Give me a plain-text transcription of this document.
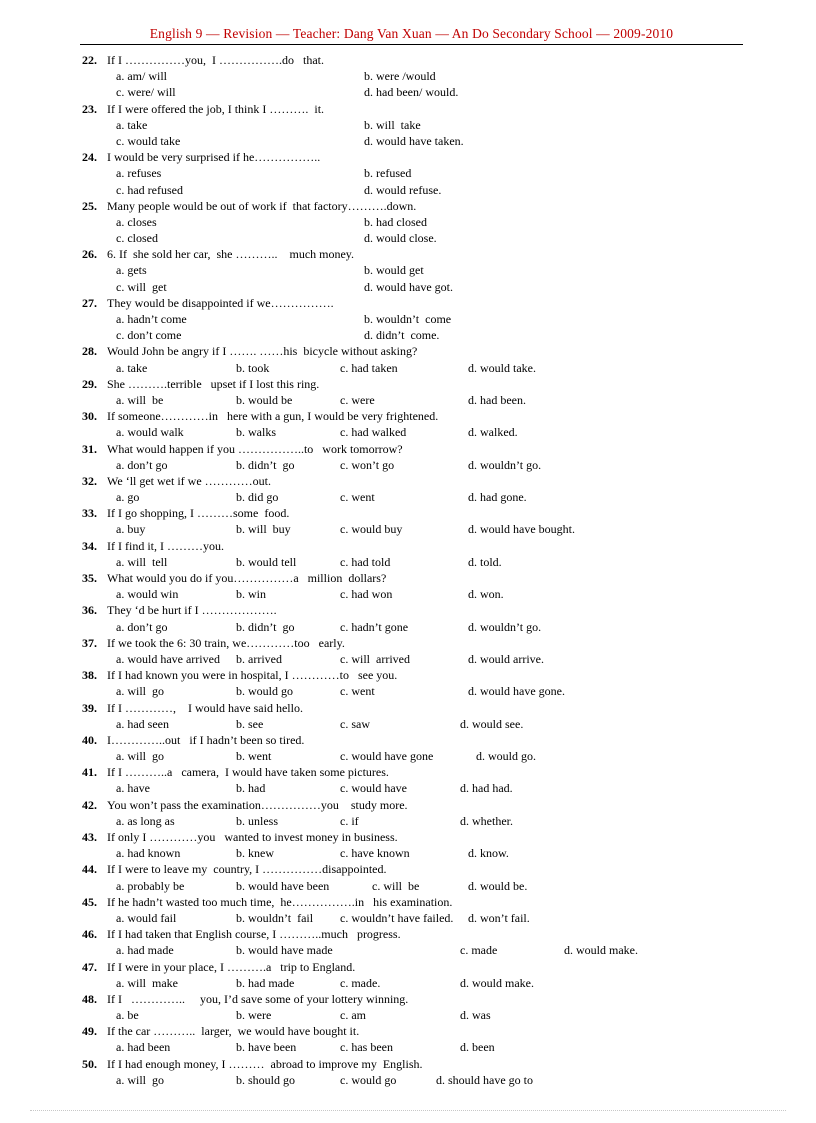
English 9 — Revision — Teacher: Dang Van Xuan — An Do Secondary School — 2009-2010
22. If I ……………you,  I …………….do   that.
a. am/ will	b. were /would
c. were/ will	d. had been/ would.
23. If I were offered the job, I think I ……….  it.
a. take	b. will  take
c. would take	d. would have taken.
24. I would be very surprised if he……………..
a. refuses	b. refused
c. had refused	d. would refuse.
25. Many people would be out of work if  that factory……….down.
a. closes	b. had closed
c. closed	d. would close.
26. 6. If  she sold her car,  she ………..    much money.
a. gets	b. would get
c. will  get	d. would have got.
27. They would be disappointed if we…………….
a. hadn’t come	b. wouldn’t  come
c. don’t come	d. didn’t  come.
28. Would John be angry if I ……. ……his  bicycle without asking?
a. take	b. took	c. had taken	d. would take.
29. She ……….terrible   upset if I lost this ring.
a. will  be	b. would be	c. were	d. had been.
30. If someone…………in   here with a gun, I would be very frightened.
a. would walk	b. walks	c. had walked	d. walked.
31. What would happen if you ……………..to   work tomorrow?
a. don’t go	b. didn’t  go	c. won’t go	d. wouldn’t go.
32. We ‘ll get wet if we …………out.
a. go	b. did go	c. went	d. had gone.
33. If I go shopping, I ………some  food.
a. buy	b. will  buy	c. would buy	d. would have bought.
34. If I find it, I ………you.
a. will  tell	b. would tell	c. had told	d. told.
35. What would you do if you……………a   million  dollars?
a. would win	b. win	c. had won	d. won.
36. They ‘d be hurt if I ……………….
a. don’t go	b. didn’t  go	c. hadn’t gone	d. wouldn’t go.
37. If we took the 6: 30 train, we…………too   early.
a. would have arrived b. arrived	c. will  arrived	d. would arrive.
38. If I had known you were in hospital, I …………to   see you.
a. will  go	b. would go	c. went	d. would have gone.
39. If I …………,    I would have said hello.
a. had seen	b. see	c. saw	d. would see.
40. I…………..out   if I hadn’t been so tired.
a. will  go	b. went	c. would have gone	d. would go.
41. If I ………..a   camera,  I would have taken some pictures.
a. have	b. had	c. would have	d. had had.
42. You won’t pass the examination……………you    study more.
a. as long as	b. unless	c. if	d. whether.
43. If only I …………you   wanted to invest money in business.
a. had known	b. knew	c. have known	d. know.
44. If I were to leave my  country, I ……………disappointed.
a. probably be	b. would have been	c. will  be	d. would be.
45. If he hadn’t wasted too much time,  he…………….in   his examination.
a. would fail	b. wouldn’t  fail c. wouldn’t have failed. d. won’t fail.
46. If I had taken that English course, I ………..much   progress.
a. had made	b. would have made	c. made	d. would make.
47. If I were in your place, I ……….a   trip to England.
a. will  make	b. had made	c. made.	d. would make.
48. If I   …………..     you, I’d save some of your lottery winning.
a. be	b. were	c. am	d. was
49. If the car ………..  larger,  we would have bought it.
a. had been	b. have been	c. has been	d. been
50. If I had enough money, I ………  abroad to improve my  English.
a. will  go	b. should go	c. would go	d. should have go to
